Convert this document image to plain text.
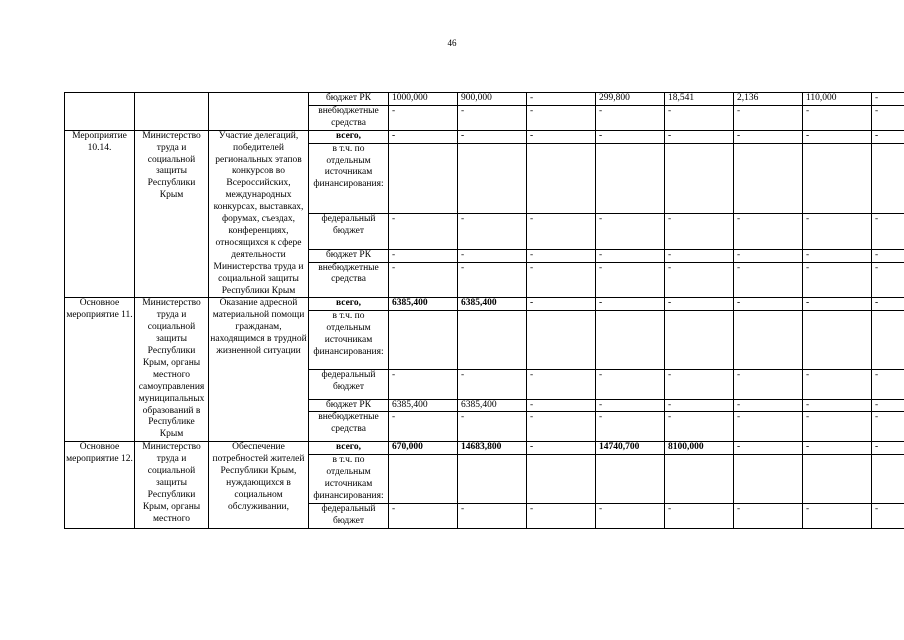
46
			бюджет РК	1000,000	900,000	-	299,800	18,541	2,136	110,000	-
			внебюджетные средства	-	-	-	-	-	-	-	-
Мероприятие 10.14.	Министерство труда и социальной защиты Республики Крым	Участие делегаций, победителей региональных этапов конкурсов во Всероссийских, международных конкурсах, выставках, форумах, съездах, конференциях, относящихся к сфере деятельности Министерства труда и социальной защиты Республики Крым	всего,	-	-	-	-	-	-	-	-
			в т.ч. по отдельным источникам финансирования:								
			федеральный бюджет	-	-	-	-	-	-	-	-
			бюджет РК	-	-	-	-	-	-	-	-
			внебюджетные средства	-	-	-	-	-	-	-	-
Основное мероприятие 11.	Министерство труда и социальной защиты Республики Крым, органы местного самоуправления муниципальных образований в Республике Крым	Оказание адресной материальной помощи гражданам, находящимся в трудной жизненной ситуации	всего,	6385,400	6385,400	-	-	-	-	-	-
			в т.ч. по отдельным источникам финансирования:								
			федеральный бюджет	-	-	-	-	-	-	-	-
			бюджет РК	6385,400	6385,400	-	-	-	-	-	-
			внебюджетные средства	-	-	-	-	-	-	-	-
Основное мероприятие 12.	Министерство труда и социальной защиты Республики Крым, органы местного	Обеспечение потребностей жителей Республики Крым, нуждающихся в социальном обслуживании,	всего,	670,000	14683,800	-	14740,700	8100,000	-	-	-
			в т.ч. по отдельным источникам финансирования:								
			федеральный бюджет	-	-	-	-	-	-	-	-
